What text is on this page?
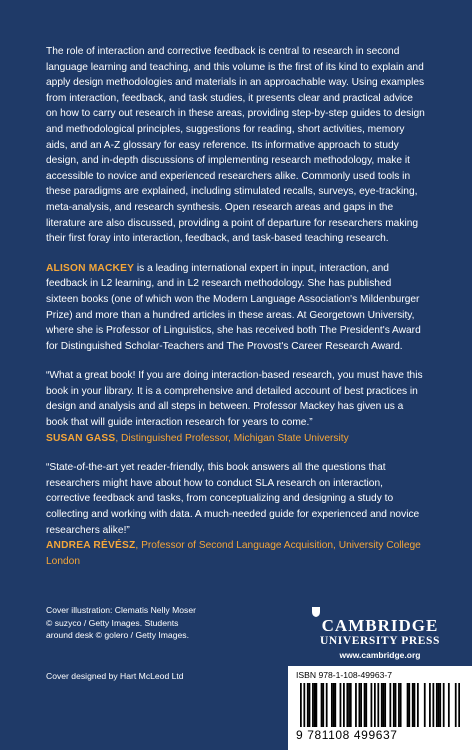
The role of interaction and corrective feedback is central to research in second language learning and teaching, and this volume is the first of its kind to explain and apply design methodologies and materials in an approachable way. Using examples from interaction, feedback, and task studies, it presents clear and practical advice on how to carry out research in these areas, providing step-by-step guides to design and methodological principles, suggestions for reading, short activities, memory aids, and an A-Z glossary for easy reference. Its informative approach to study design, and in-depth discussions of implementing research methodology, make it accessible to novice and experienced researchers alike. Commonly used tools in these paradigms are explained, including stimulated recalls, surveys, eye-tracking, meta-analysis, and research synthesis. Open research areas and gaps in the literature are also discussed, providing a point of departure for researchers making their first foray into interaction, feedback, and task-based teaching research.

ALISON MACKEY is a leading international expert in input, interaction, and feedback in L2 learning, and in L2 research methodology. She has published sixteen books (one of which won the Modern Language Association's Mildenburger Prize) and more than a hundred articles in these areas. At Georgetown University, where she is Professor of Linguistics, she has received both The President's Award for Distinguished Scholar-Teachers and The Provost's Career Research Award.

“What a great book! If you are doing interaction-based research, you must have this book in your library. It is a comprehensive and detailed account of best practices in design and analysis and all steps in between. Professor Mackey has given us a book that will guide interaction research for years to come.”

SUSAN GASS, Distinguished Professor, Michigan State University

“State-of-the-art yet reader-friendly, this book answers all the questions that researchers might have about how to conduct SLA research on interaction, corrective feedback and tasks, from conceptualizing and designing a study to collecting and working with data. A much-needed guide for experienced and novice researchers alike!”

ANDREA RÉVÉSZ, Professor of Second Language Acquisition, University College London

Cover illustration: Clematis Nelly Moser

© suzyco / Getty Images. Students

around desk © golero / Getty Images.

Cover designed by Hart McLeod Ltd

CAMBRIDGE
UNIVERSITY PRESS
www.cambridge.org
ISBN 978-1-108-49963-7
9 781108 499637
